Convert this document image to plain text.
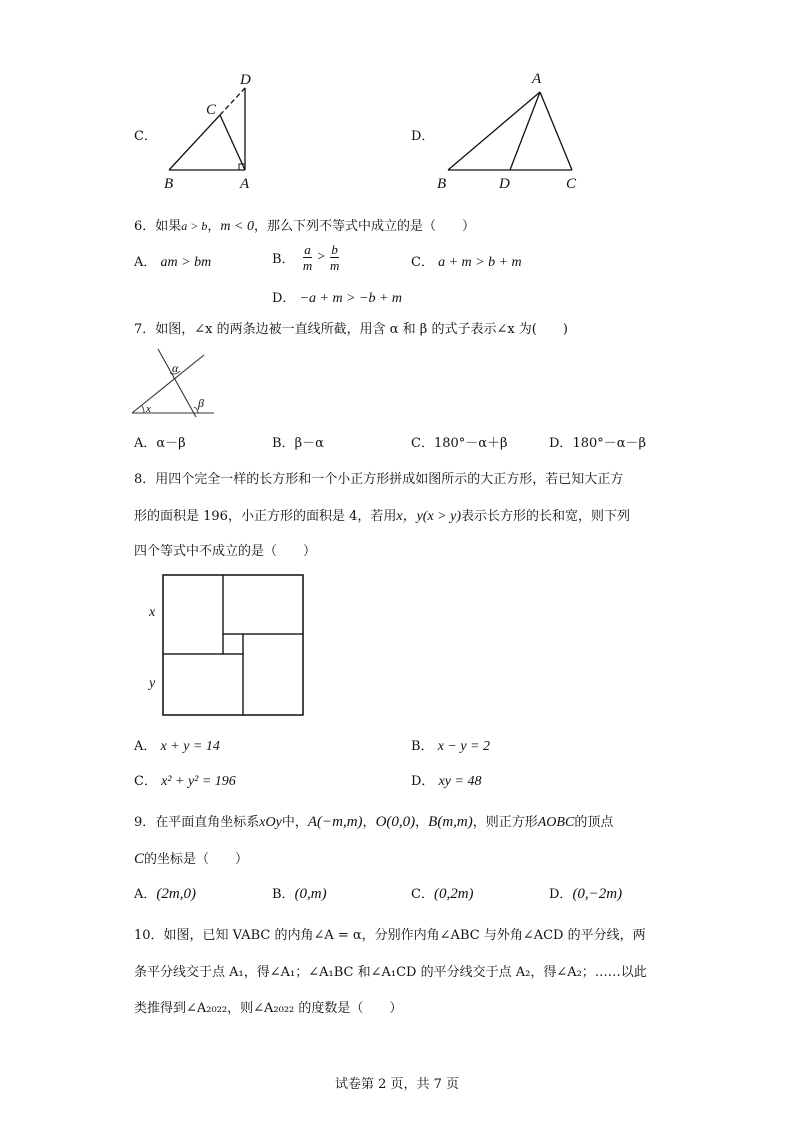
C．
D
C
B	A
D．
A
B	D	C
6．如果a > b，m < 0，那么下列不等式中成立的是（　　）
A． am > bm	B． $\frac{a}{m} > \frac{b}{m}$	C． a + m > b + m
D． −a + m > −b + m
7．如图，∠x 的两条边被一直线所截，用含 α 和 β 的式子表示∠x 为(　　)
α
β
x
A．α－β	B．β－α	C．180°－α＋β	D．180°－α－β
8．用四个完全一样的长方形和一个小正方形拼成如图所示的大正方形，若已知大正方
形的面积是 196，小正方形的面积是 4，若用x，y(x > y)表示长方形的长和宽，则下列
四个等式中不成立的是（　　）
x
y
A． x + y = 14	B． x − y = 2
C． x² + y² = 196	D． xy = 48
9．在平面直角坐标系xOy中，A(−m,m)，O(0,0)，B(m,m)，则正方形AOBC的顶点
C的坐标是（　　）
A．(2m,0)	B．(0,m)	C．(0,2m)	D．(0,−2m)
10．如图，已知 VABC 的内角∠A = α，分别作内角∠ABC 与外角∠ACD 的平分线，两
条平分线交于点 A₁，得∠A₁；∠A₁BC 和∠A₁CD 的平分线交于点 A₂，得∠A₂；……以此
类推得到∠A₂₀₂₂，则∠A₂₀₂₂ 的度数是（　　）
试卷第 2 页，共 7 页
